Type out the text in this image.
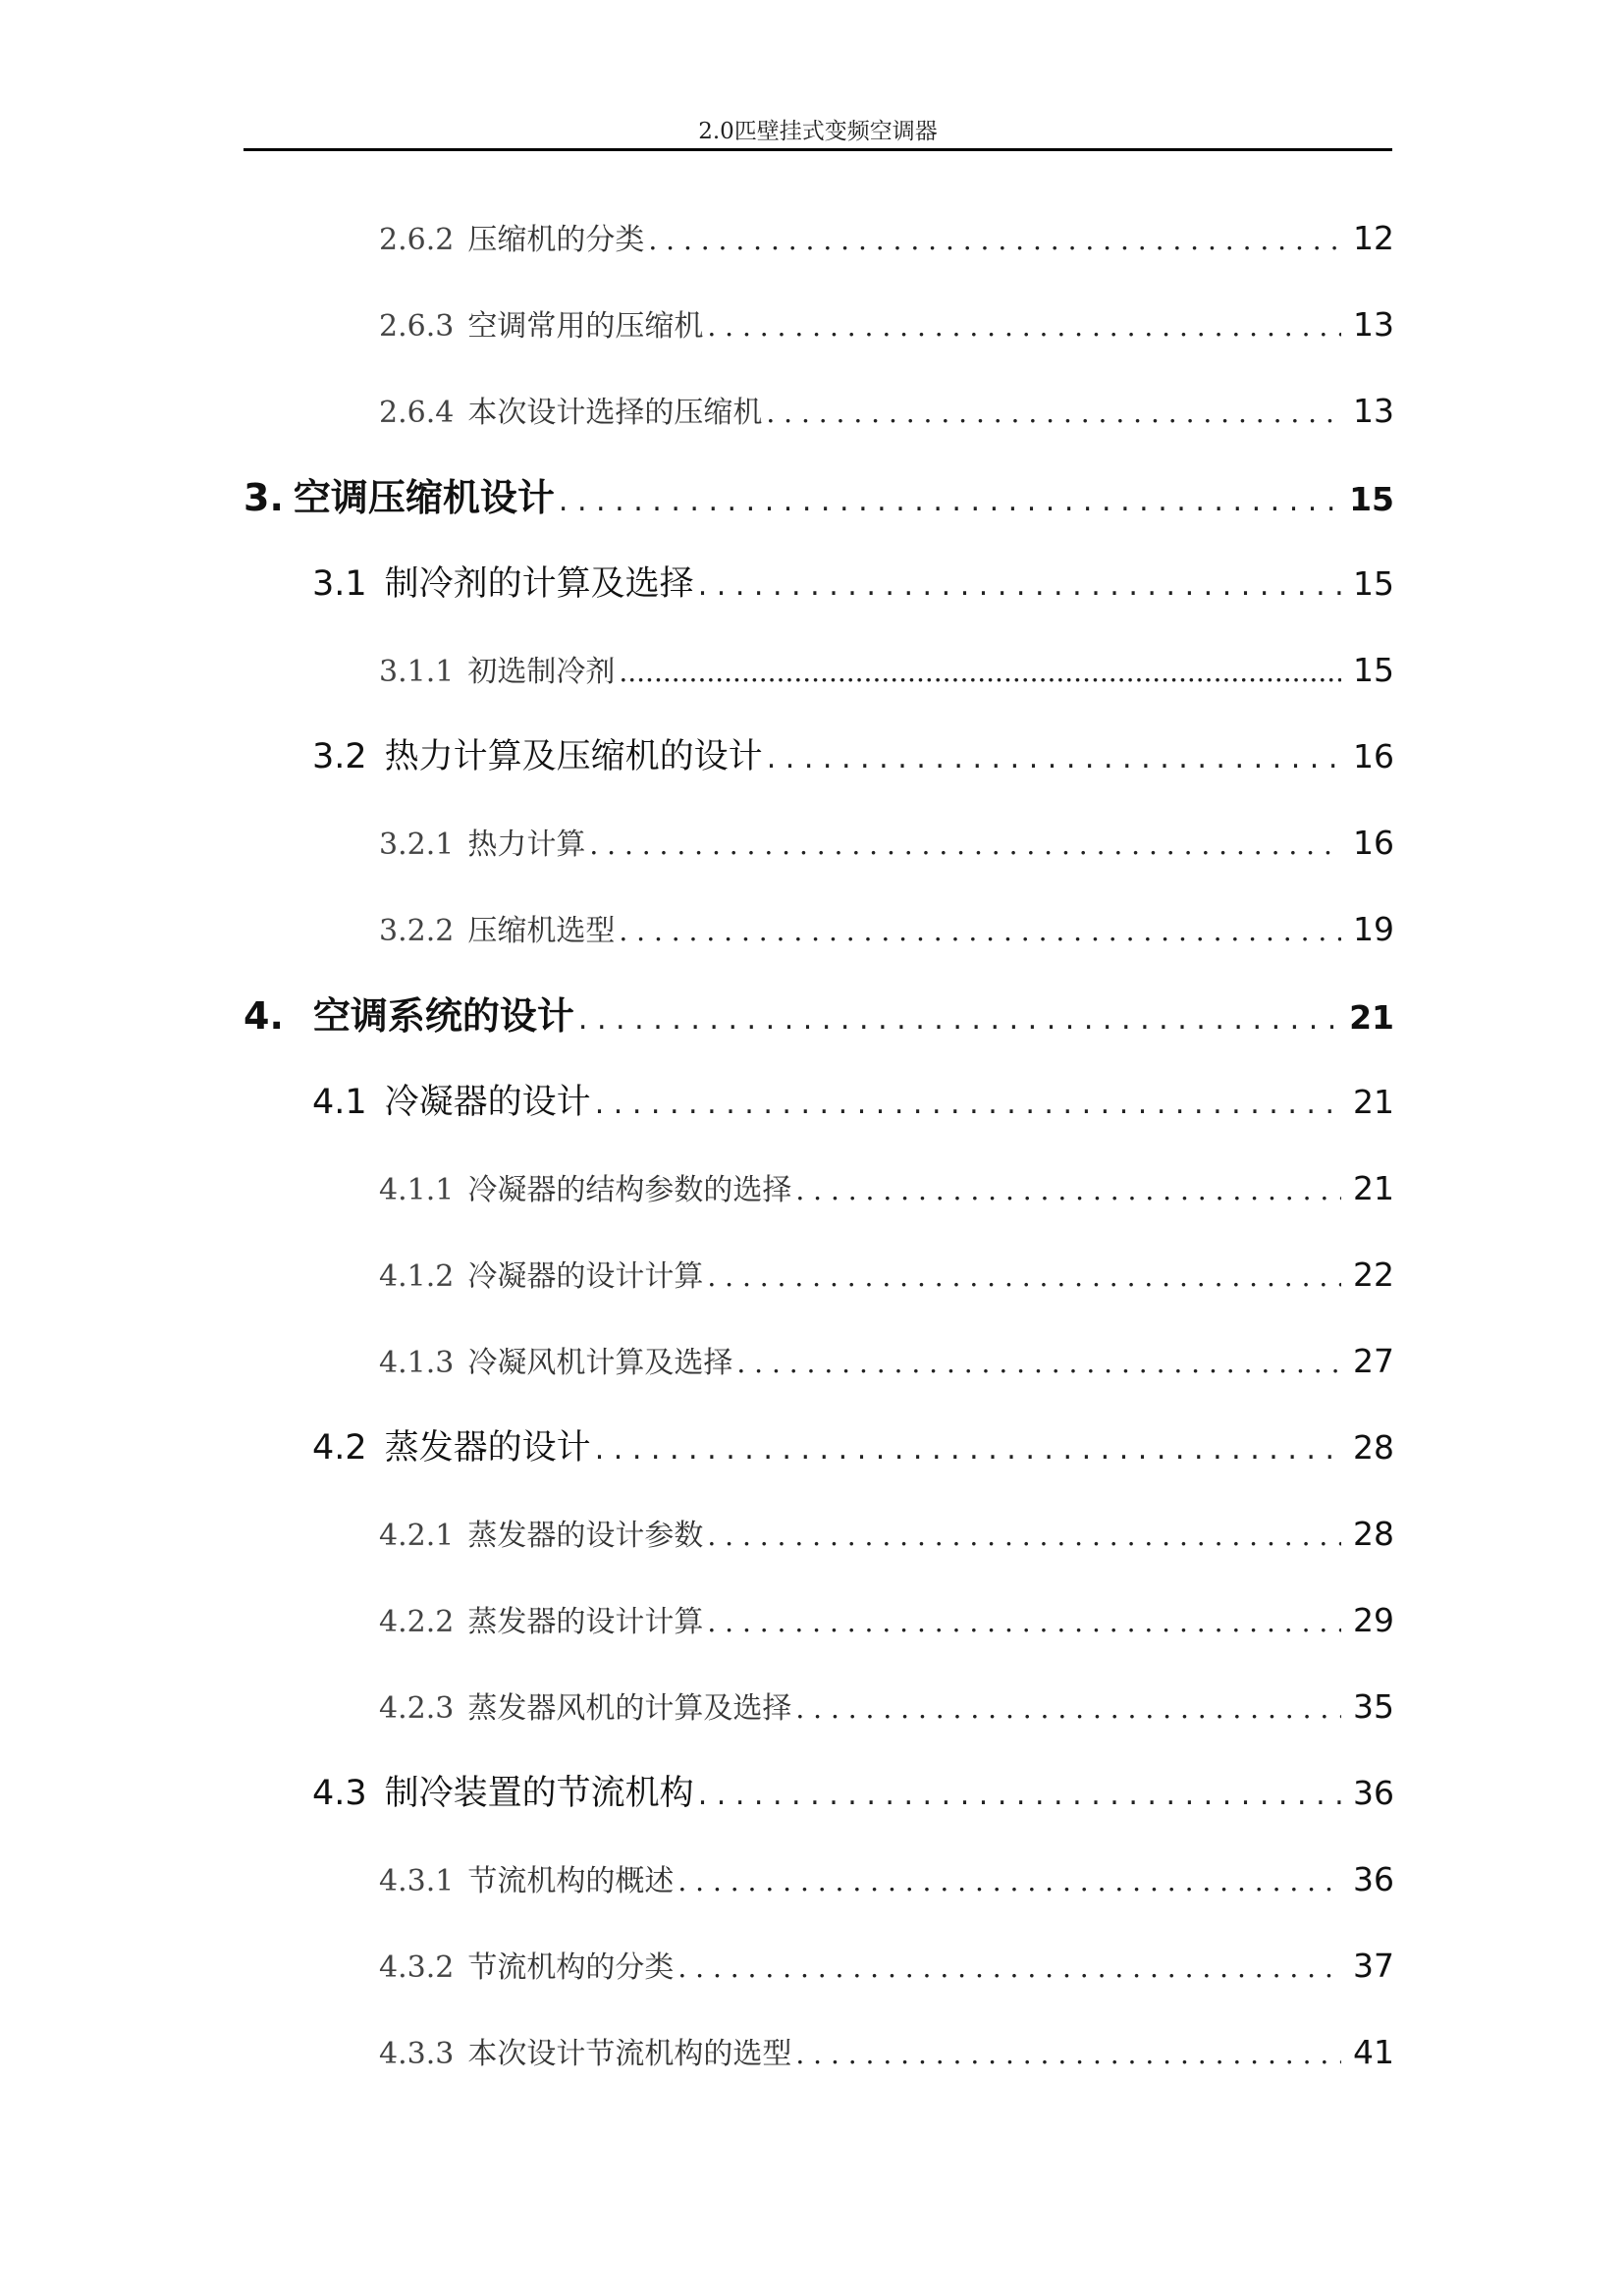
2.0匹壁挂式变频空调器
2.6.2 压缩机的分类 . . .	12
2.6.3 空调常用的压缩机 . . .	13
2.6.4 本次设计选择的压缩机 . . .	13
3. 空调压缩机设计 . . .	15
3.1 制冷剂的计算及选择 . . .	15
3.1.1 初选制冷剂 .....	15
3.2 热力计算及压缩机的设计 . . .	16
3.2.1 热力计算 . . .	16
3.2.2 压缩机选型 . . .	19
4. 空调系统的设计 . . .	21
4.1 冷凝器的设计 . . .	21
4.1.1 冷凝器的结构参数的选择 . . .	21
4.1.2 冷凝器的设计计算 . . .	22
4.1.3 冷凝风机计算及选择 . . .	27
4.2 蒸发器的设计 . . .	28
4.2.1 蒸发器的设计参数 . . .	28
4.2.2 蒸发器的设计计算 . . .	29
4.2.3 蒸发器风机的计算及选择 . . .	35
4.3 制冷装置的节流机构 . . .	36
4.3.1 节流机构的概述 . . .	36
4.3.2 节流机构的分类 . . .	37
4.3.3 本次设计节流机构的选型 . . .	41
